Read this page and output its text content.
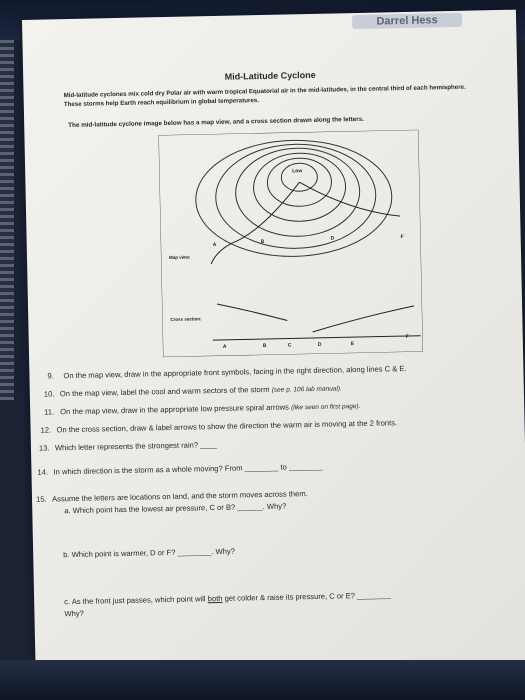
Darrel Hess
Mid-Latitude Cyclone
Mid-latitude cyclones mix cold dry Polar air with warm tropical Equatorial air in the mid-latitudes, in the central third of each hemisphere. These storms help Earth reach equilibrium in global temperatures.
The mid-latitude cyclone image below has a map view, and a cross section drawn along the letters.
Low
A	B
D	F
Map view:
Cross section:
A	B	C	D	E
F
9. On the map view, draw in the appropriate front symbols, facing in the right direction, along lines C & E.
10. On the map view, label the cool and warm sectors of the storm (see p. 106 lab manual).
11. On the map view, draw in the appropriate low pressure spiral arrows (like seen on first page).
12. On the cross section, draw & label arrows to show the direction the warm air is moving at the 2 fronts.
13. Which letter represents the strongest rain? ____
14. In which direction is the storm as a whole moving? From ________ to ________
15. Assume the letters are locations on land, and the storm moves across them.
a. Which point has the lowest air pressure, C or B? ______. Why?
b. Which point is warmer, D or F? ________. Why?
c. As the front just passes, which point will both get colder & raise its pressure, C or E? ________
Why?
